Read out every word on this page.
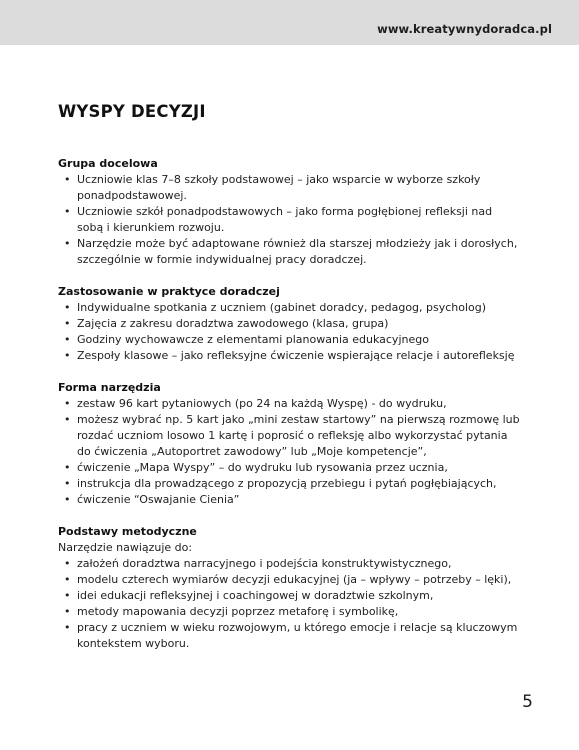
www.kreatywnydoradca.pl
WYSPY DECYZJI
Grupa docelowa
• Uczniowie klas 7–8 szkoły podstawowej – jako wsparcie w wyborze szkoły ponadpodstawowej.
• Uczniowie szkół ponadpodstawowych – jako forma pogłębionej refleksji nad sobą i kierunkiem rozwoju.
• Narzędzie może być adaptowane również dla starszej młodzieży jak i dorosłych, szczególnie w formie indywidualnej pracy doradczej.
Zastosowanie w praktyce doradczej
• Indywidualne spotkania z uczniem (gabinet doradcy, pedagog, psycholog)
• Zajęcia z zakresu doradztwa zawodowego (klasa, grupa)
• Godziny wychowawcze z elementami planowania edukacyjnego
• Zespoły klasowe – jako refleksyjne ćwiczenie wspierające relacje i autorefleksję
Forma narzędzia
• zestaw 96 kart pytaniowych (po 24 na każdą Wyspę) - do wydruku,
• możesz wybrać np. 5 kart jako „mini zestaw startowy” na pierwszą rozmowę lub rozdać uczniom losowo 1 kartę i poprosić o refleksję albo wykorzystać pytania do ćwiczenia „Autoportret zawodowy” lub „Moje kompetencje”,
• ćwiczenie „Mapa Wyspy” – do wydruku lub rysowania przez ucznia,
• instrukcja dla prowadzącego z propozycją przebiegu i pytań pogłębiających,
• ćwiczenie “Oswajanie Cienia”
Podstawy metodyczne

Narzędzie nawiązuje do:

• założeń doradztwa narracyjnego i podejścia konstruktywistycznego,
• modelu czterech wymiarów decyzji edukacyjnej (ja – wpływy – potrzeby – lęki),
• idei edukacji refleksyjnej i coachingowej w doradztwie szkolnym,
• metody mapowania decyzji poprzez metaforę i symbolikę,
• pracy z uczniem w wieku rozwojowym, u którego emocje i relacje są kluczowym kontekstem wyboru.
5
